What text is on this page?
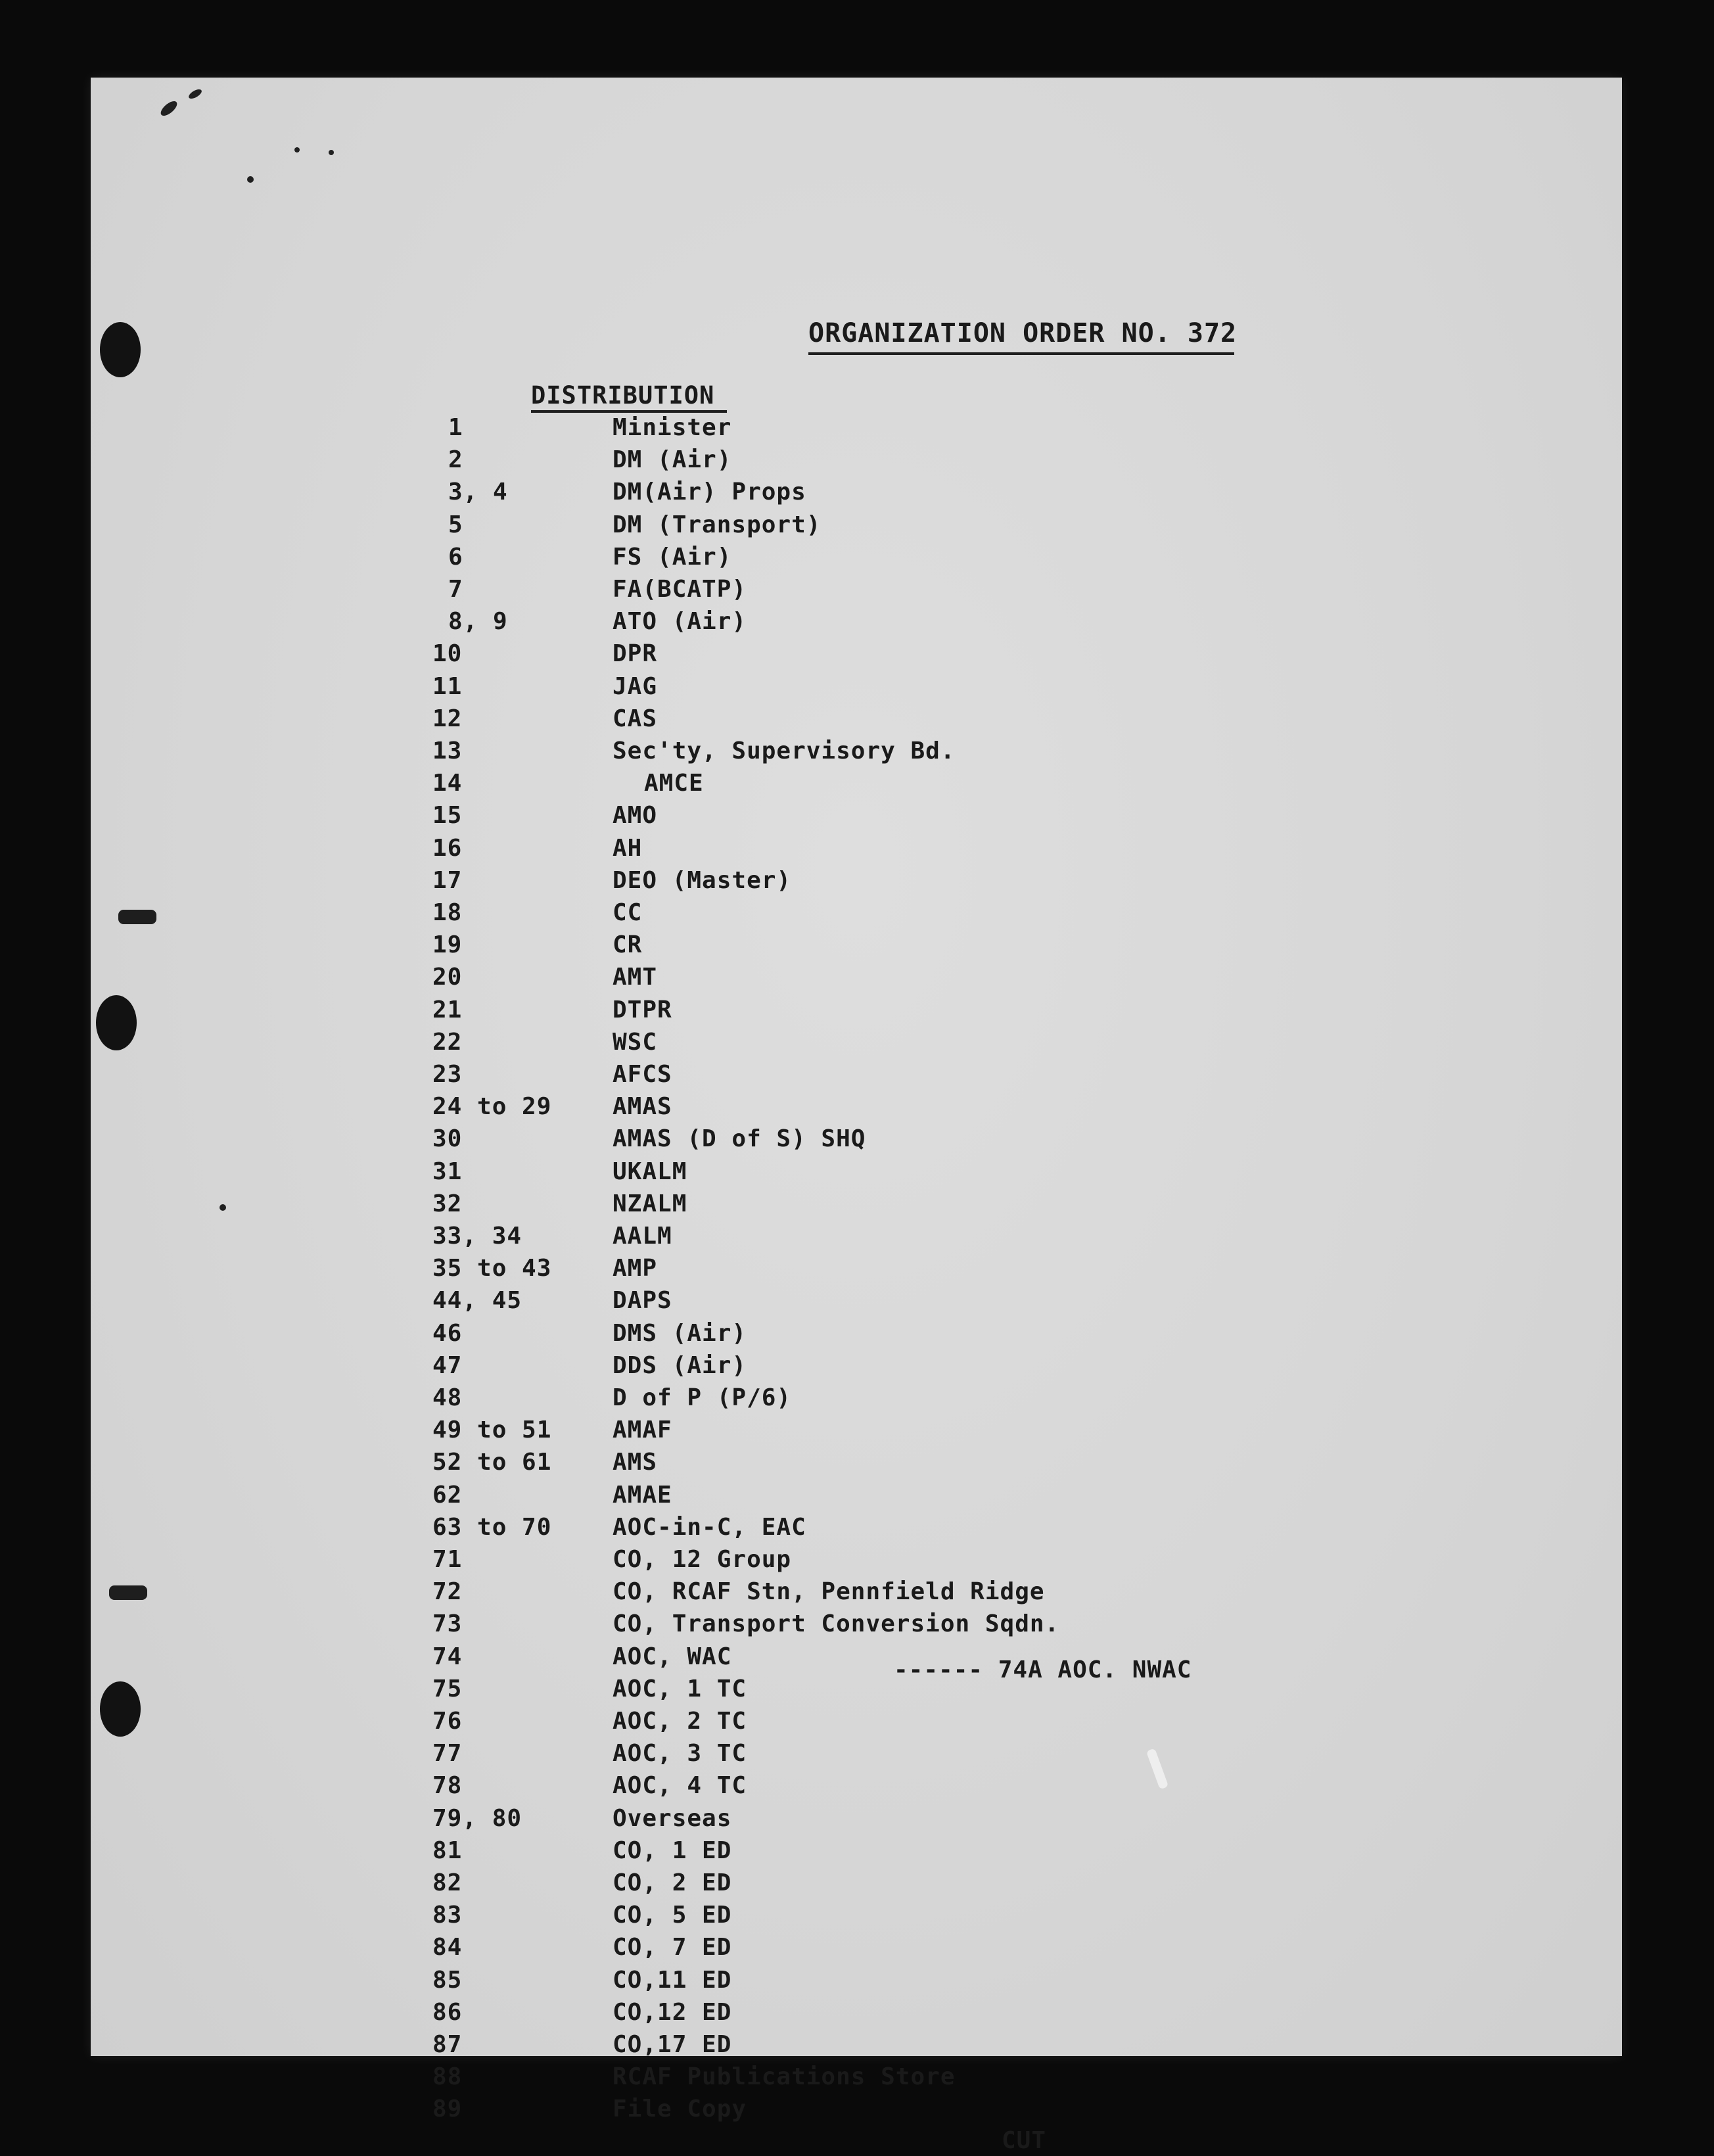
ORGANIZATION ORDER NO. 372
DISTRIBUTION
1	Minister
2	DM (Air)
3, 4	DM(Air) Props
5	DM (Transport)
6	FS (Air)
7	FA(BCATP)
8, 9	ATO (Air)
10	DPR
11	JAG
12	CAS
13	Sec'ty, Supervisory Bd.
14	AMCE
15	AMO
16	AH
17	DEO (Master)
18	CC
19	CR
20	AMT
21	DTPR
22	WSC
23	AFCS
24 to 29	AMAS
30	AMAS (D of S) SHQ
31	UKALM
32	NZALM
33, 34	AALM
35 to 43	AMP
44, 45	DAPS
46	DMS (Air)
47	DDS (Air)
48	D of P (P/6)
49 to 51	AMAF
52 to 61	AMS
62	AMAE
63 to 70	AOC-in-C, EAC
71	CO, 12 Group
72	CO, RCAF Stn, Pennfield Ridge
73	CO, Transport Conversion Sqdn.
74	AOC, WAC
75	AOC, 1 TC
76	AOC, 2 TC
77	AOC, 3 TC
78	AOC, 4 TC
79, 80	Overseas
81	CO, 1 ED
82	CO, 2 ED
83	CO, 5 ED
84	CO, 7 ED
85	CO,11 ED
86	CO,12 ED
87	CO,17 ED
88	RCAF Publications Store
89	File Copy
------ 74A AOC. NWAC
CUT
